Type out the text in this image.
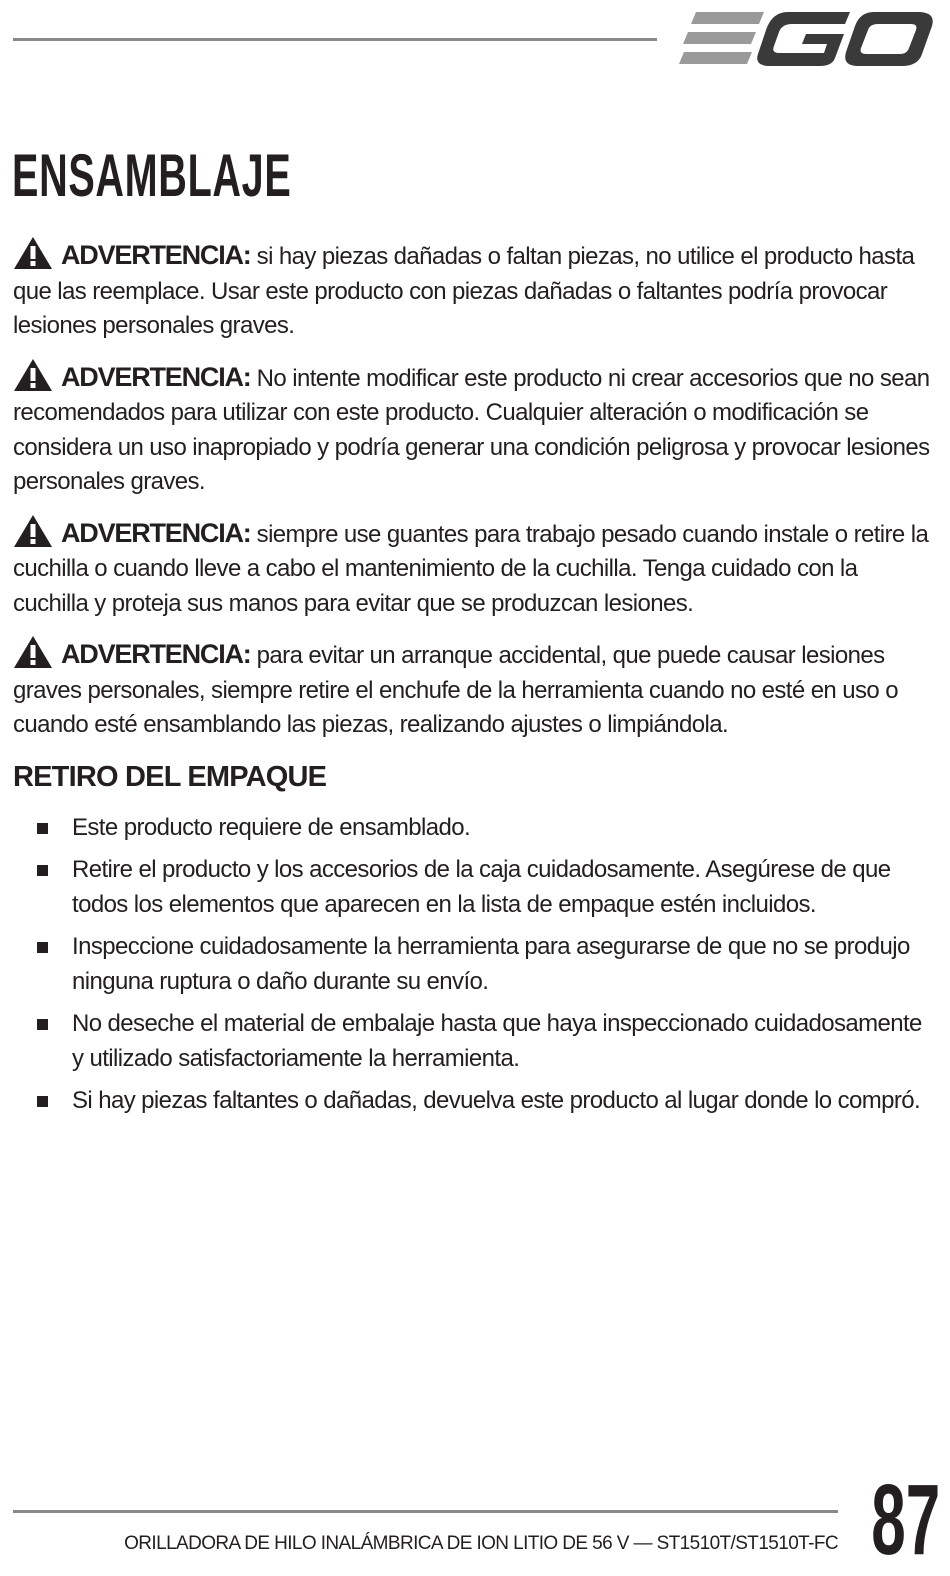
ENSAMBLAJE

ADVERTENCIA: si hay piezas dañadas o faltan piezas, no utilice el producto hasta que las reemplace. Usar este producto con piezas dañadas o faltantes podría provocar lesiones personales graves.

ADVERTENCIA: No intente modificar este producto ni crear accesorios que no sean recomendados para utilizar con este producto. Cualquier alteración o modificación se considera un uso inapropiado y podría generar una condición peligrosa y provocar lesiones personales graves.

ADVERTENCIA: siempre use guantes para trabajo pesado cuando instale o retire la cuchilla o cuando lleve a cabo el mantenimiento de la cuchilla. Tenga cuidado con la cuchilla y proteja sus manos para evitar que se produzcan lesiones.

ADVERTENCIA: para evitar un arranque accidental, que puede causar lesiones graves personales, siempre retire el enchufe de la herramienta cuando no esté en uso o cuando esté ensamblando las piezas, realizando ajustes o limpiándola.

RETIRO DEL EMPAQUE
Este producto requiere de ensamblado.
Retire el producto y los accesorios de la caja cuidadosamente. Asegúrese de que todos los elementos que aparecen en la lista de empaque estén incluidos.
Inspeccione cuidadosamente la herramienta para asegurarse de que no se produjo ninguna ruptura o daño durante su envío.
No deseche el material de embalaje hasta que haya inspeccionado cuidadosamente y utilizado satisfactoriamente la herramienta.
Si hay piezas faltantes o dañadas, devuelva este producto al lugar donde lo compró.
ORILLADORA DE HILO INALÁMBRICA DE ION LITIO DE 56 V — ST1510T/ST1510T-FC 87
